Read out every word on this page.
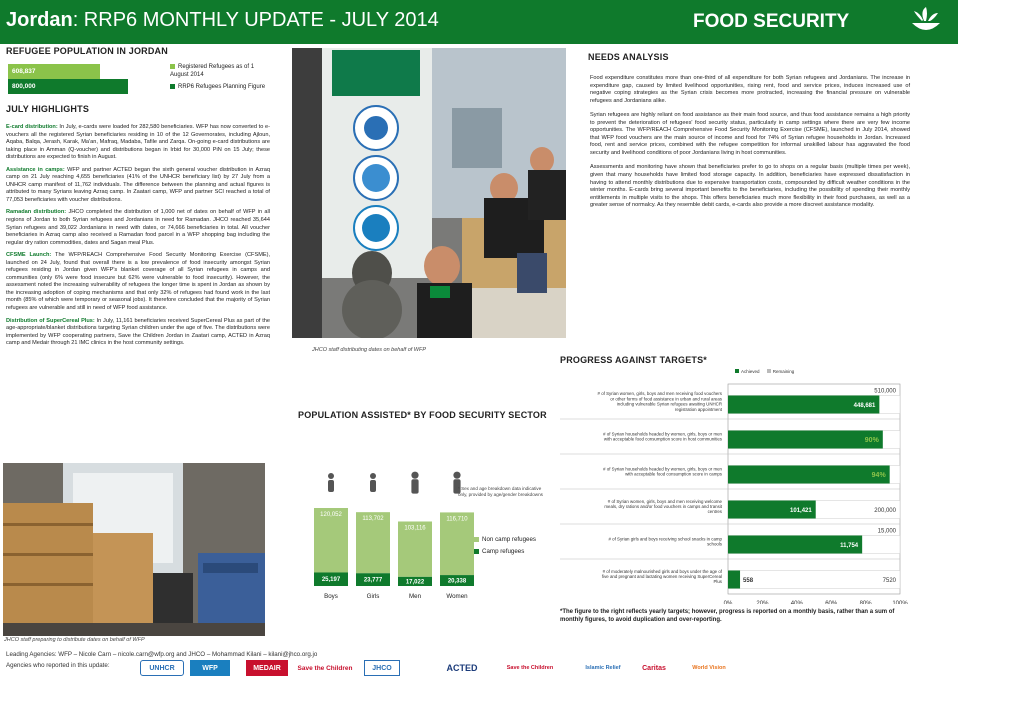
Jordan: RRP6 MONTHLY UPDATE - JULY 2014	FOOD SECURITY
REFUGEE POPULATION IN JORDAN
608,837
800,000
Registered Refugees as of 1 August 2014
RRP6 Refugees Planning Figure
JULY HIGHLIGHTS

E-card distribution: In July, e-cards were loaded for 282,580 beneficiaries. WFP has now converted to e-vouchers all the registered Syrian beneficiaries residing in 10 of the 12 Governorates, including Ajloun, Aqaba, Balqa, Jerash, Karak, Ma'an, Mafraq, Madaba, Tafile and Zarqa. On-going e-card distributions are taking place in Amman (Q-voucher) and distributions began in Irbid for 30,000 PiN on 15 July; these distributions are expected to finish in August.

Assistance in camps: WFP and partner ACTED began the sixth general voucher distribution in Azraq camp on 21 July reaching 4,655 beneficiaries (41% of the UNHCR beneficiary list) by 27 July from a UNHCR camp manifest of 11,762 individuals. The difference between the planning and actual figures is attributed to many Syrians leaving Azraq camp. In Zaatari camp, WFP and partner SCI reached a total of 77,053 beneficiaries with voucher distributions.

Ramadan distribution: JHCO completed the distribution of 1,000 net of dates on behalf of WFP in all regions of Jordan to both Syrian refugees and Jordanians in need for Ramadan. JHCO reached 35,644 Syrian refugees and 39,022 Jordanians in need with dates, or 74,666 beneficiaries in total. All voucher beneficiaries in Azraq camp also received a Ramadan food parcel in a WFP shopping bag including the regular dry ration commodities, dates and Sagan meal Plus.

CFSME Launch: The WFP/REACH Comprehensive Food Security Monitoring Exercise (CFSME), launched on 24 July, found that overall there is a low prevalence of food insecurity amongst Syrian refugees residing in Jordan given WFP's blanket coverage of all Syrian refugees in camps and communities (only 6% were food insecure but 62% were vulnerable to food insecurity). However, the assessment noted the increasing vulnerability of refugees the longer time is spent in Jordan as shown by the increasing adoption of coping mechanisms and that only 32% of refugees had found work in the last month (85% of which were temporary or seasonal jobs). It therefore concluded that the majority of Syrian refugees are vulnerable and still in need of WFP food assistance.

Distribution of SuperCereal Plus: In July, 11,161 beneficiaries received SuperCereal Plus as part of the age-appropriate/blanket distributions targeting Syrian children under the age of five. The distributions were implemented by WFP cooperating partners, Save the Children Jordan in Zaatari camp, ACTED in Azraq camp and Medair through 21 IMC clinics in the host community settings.

JHCO staff distributing dates on behalf of WFP
JHCO staff preparing to distribute dates on behalf of WFP
NEEDS ANALYSIS

Food expenditure constitutes more than one-third of all expenditure for both Syrian refugees and Jordanians. The increase in expenditure gap, caused by limited livelihood opportunities, rising rent, food and service prices, induces increased use of negative coping strategies as the Syrian crisis becomes more protracted, increasing the financial pressure on vulnerable refugees and Jordanians alike.

Syrian refugees are highly reliant on food assistance as their main food source, and thus food assistance remains a high priority to prevent the deterioration of refugees' food security status, particularly in camp settings where there are very few income opportunities. The WFP/REACH Comprehensive Food Security Monitoring Exercise (CFSME), launched in July 2014, showed that WFP food vouchers are the main source of income and food for 74% of Syrian refugee households in Jordan. Increased food, rent and service prices, combined with the refugee competition for informal unskilled labour has aggravated the food security and livelihood conditions of poor Jordanians living in host communities.

Assessments and monitoring have shown that beneficiaries prefer to go to shops on a regular basis (multiple times per week), given that many households have limited food storage capacity. In addition, beneficiaries have expressed dissatisfaction in having to attend monthly distributions due to expensive transportation costs, compounded by difficult weather conditions in the winter months. E-cards bring several important benefits to the beneficiaries, including the possibility of spending their monthly entitlements in multiple visits to the shops. This offers beneficiaries much more flexibility in their food purchases, as well as a greater sense of normalcy. As they resemble debit cards, e-cards also provide a more discreet assistance modality.

POPULATION ASSISTED* BY FOOD SECURITY SECTOR
120,052
25,197
Boys
113,702
23,777
Girls
103,116
17,022
Men
116,710
20,338
Women
* Sex and age breakdown data indicative only, provided by age/gender breakdowns
Non camp refugees
Camp refugees
PROGRESS AGAINST TARGETS*
Achieved	Remaining
# of Syrian women, girls, boys and men receiving food vouchers or other forms of food assistance in urban and rural areas including vulnerable Syrian refugees awaiting UNHCR registration appointment
448,681
510,000
# of Syrian households headed by women, girls, boys or men with acceptable food consumption score in host communities	90%
# of Syrian households headed by women, girls, boys or men with acceptable food consumption score in camps	94%
# of Syrian women, girls, boys and men receiving welcome meals, dry rations and/or food vouchers in camps and transit centres	101,421	200,000
# of Syrian girls and boys receiving school snacks in camp schools	11,754
15,000
# of moderately malnourished girls and boys under the age of five and pregnant and lactating women receiving SuperCereal Plus	558	7520
0%	20%	40%	60%	80%	100%
*The figure to the right reflects yearly targets; however, progress is reported on a monthly basis, rather than a sum of monthly figures, to avoid duplication and over-reporting.
Leading Agencies: WFP – Nicole Carn – nicole.carn@wfp.org and JHCO – Mohammad Kilani – kilani@jhco.org.jo
Agencies who reported in this update:	UNHCR	WFP	MEDAIR	Save the Children	JHCO	ACTED	Save the Children	Islamic Relief	Caritas	World Vision
